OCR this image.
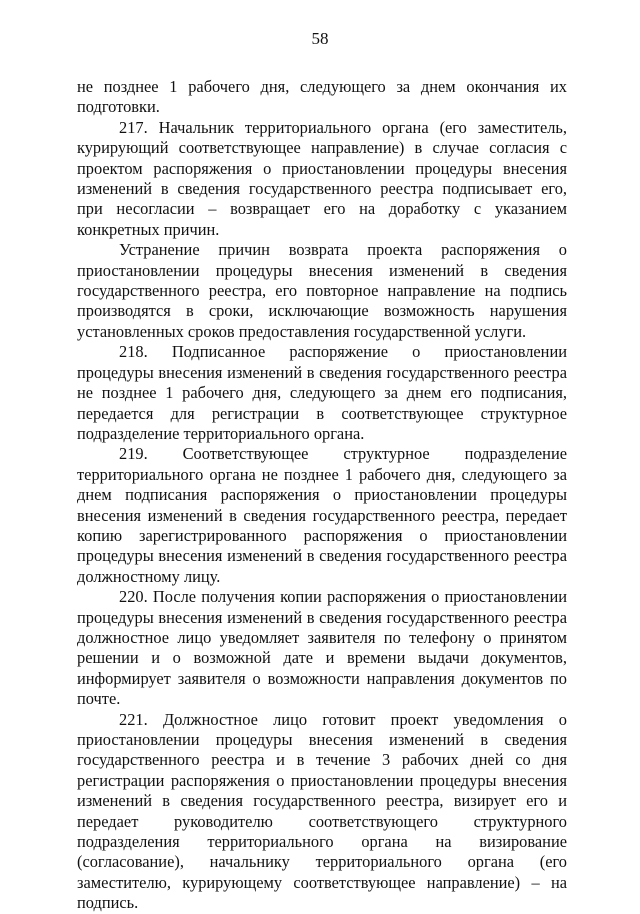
58

не позднее 1 рабочего дня, следующего за днем окончания их подготовки.

217. Начальник территориального органа (его заместитель, курирующий соответствующее направление) в случае согласия с проектом распоряжения о приостановлении процедуры внесения изменений в сведения государственного реестра подписывает его, при несогласии – возвращает его на доработку с указанием конкретных причин.

Устранение причин возврата проекта распоряжения о приостановлении процедуры внесения изменений в сведения государственного реестра, его повторное направление на подпись производятся в сроки, исключающие возможность нарушения установленных сроков предоставления государственной услуги.

218. Подписанное распоряжение о приостановлении процедуры внесения изменений в сведения государственного реестра не позднее 1 рабочего дня, следующего за днем его подписания, передается для регистрации в соответствующее структурное подразделение территориального органа.

219. Соответствующее структурное подразделение территориального органа не позднее 1 рабочего дня, следующего за днем подписания распоряжения о приостановлении процедуры внесения изменений в сведения государственного реестра, передает копию зарегистрированного распоряжения о приостановлении процедуры внесения изменений в сведения государственного реестра должностному лицу.

220. После получения копии распоряжения о приостановлении процедуры внесения изменений в сведения государственного реестра должностное лицо уведомляет заявителя по телефону о принятом решении и о возможной дате и времени выдачи документов, информирует заявителя о возможности направления документов по почте.

221. Должностное лицо готовит проект уведомления о приостановлении процедуры внесения изменений в сведения государственного реестра и в течение 3 рабочих дней со дня регистрации распоряжения о приостановлении процедуры внесения изменений в сведения государственного реестра, визирует его и передает руководителю соответствующего структурного подразделения территориального органа на визирование (согласование), начальнику территориального органа (его заместителю, курирующему соответствующее направление) – на подпись.
